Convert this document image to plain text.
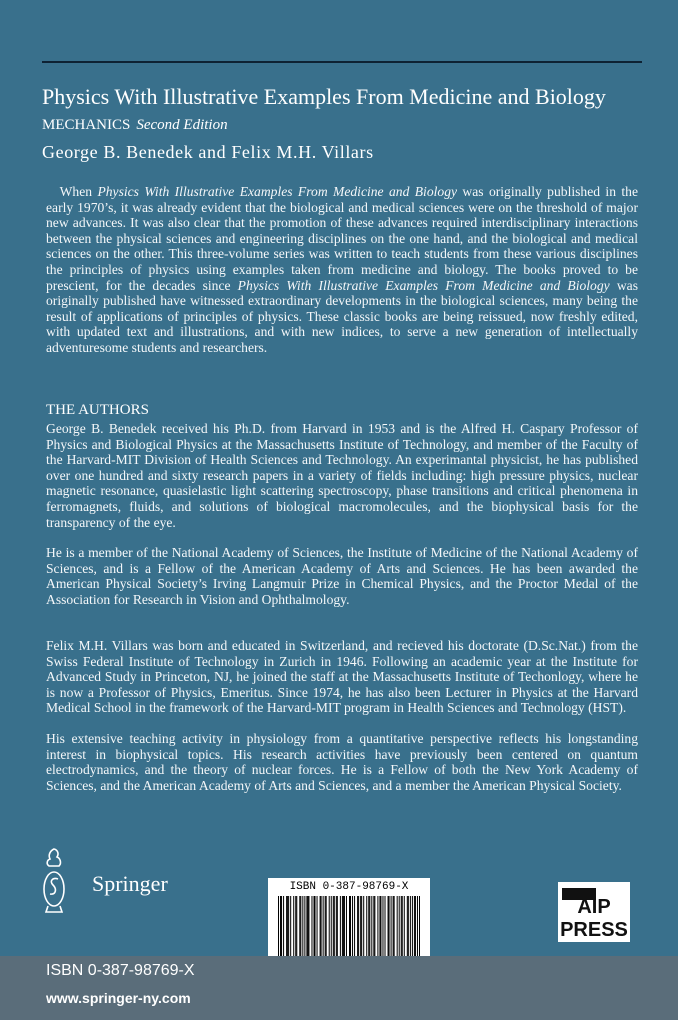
Physics With Illustrative Examples From Medicine and Biology
MECHANICS Second Edition
George B. Benedek and Felix M.H. Villars

 When Physics With Illustrative Examples From Medicine and Biology was originally published in the early 1970’s, it was already evident that the biological and medical sciences were on the threshold of major new advances. It was also clear that the promotion of these advances required interdisciplinary interactions between the physical sciences and engineering disciplines on the one hand, and the biological and medical sciences on the other. This three-volume series was written to teach students from these various disciplines the principles of physics using examples taken from medicine and biology. The books proved to be prescient, for the decades since Physics With Illustrative Examples From Medicine and Biology was originally published have witnessed extraordinary developments in the biological sciences, many being the result of applications of principles of physics. These classic books are being reissued, now freshly edited, with updated text and illustrations, and with new indices, to serve a new generation of intellectually adventuresome students and researchers.

THE AUTHORS

George B. Benedek received his Ph.D. from Harvard in 1953 and is the Alfred H. Caspary Professor of Physics and Biological Physics at the Massachusetts Institute of Technology, and member of the Faculty of the Harvard-MIT Division of Health Sciences and Technology. An experimantal physicist, he has published over one hundred and sixty research papers in a variety of fields including: high pressure physics, nuclear magnetic resonance, quasielastic light scattering spectroscopy, phase transitions and critical phenomena in ferromagnets, fluids, and solutions of biological macromolecules, and the biophysical basis for the transparency of the eye.

He is a member of the National Academy of Sciences, the Institute of Medicine of the National Academy of Sciences, and is a Fellow of the American Academy of Arts and Sciences. He has been awarded the American Physical Society’s Irving Langmuir Prize in Chemical Physics, and the Proctor Medal of the Association for Research in Vision and Ophthalmology.

Felix M.H. Villars was born and educated in Switzerland, and recieved his doctorate (D.Sc.Nat.) from the Swiss Federal Institute of Technology in Zurich in 1946. Following an academic year at the Institute for Advanced Study in Princeton, NJ, he joined the staff at the Massachusetts Institute of Techonlogy, where he is now a Professor of Physics, Emeritus. Since 1974, he has also been Lecturer in Physics at the Harvard Medical School in the framework of the Harvard-MIT program in Health Sciences and Technology (HST).

His extensive teaching activity in physiology from a quantitative perspective reflects his longstanding interest in biophysical topics. His research activities have previously been centered on quantum electrodynamics, and the theory of nuclear forces. He is a Fellow of both the New York Academy of Sciences, and the American Academy of Arts and Sciences, and a member the American Physical Society.

Springer	ISBN 0-387-98769-X
AIP
PRESS
ISBN 0-387-98769-X
www.springer-ny.com
